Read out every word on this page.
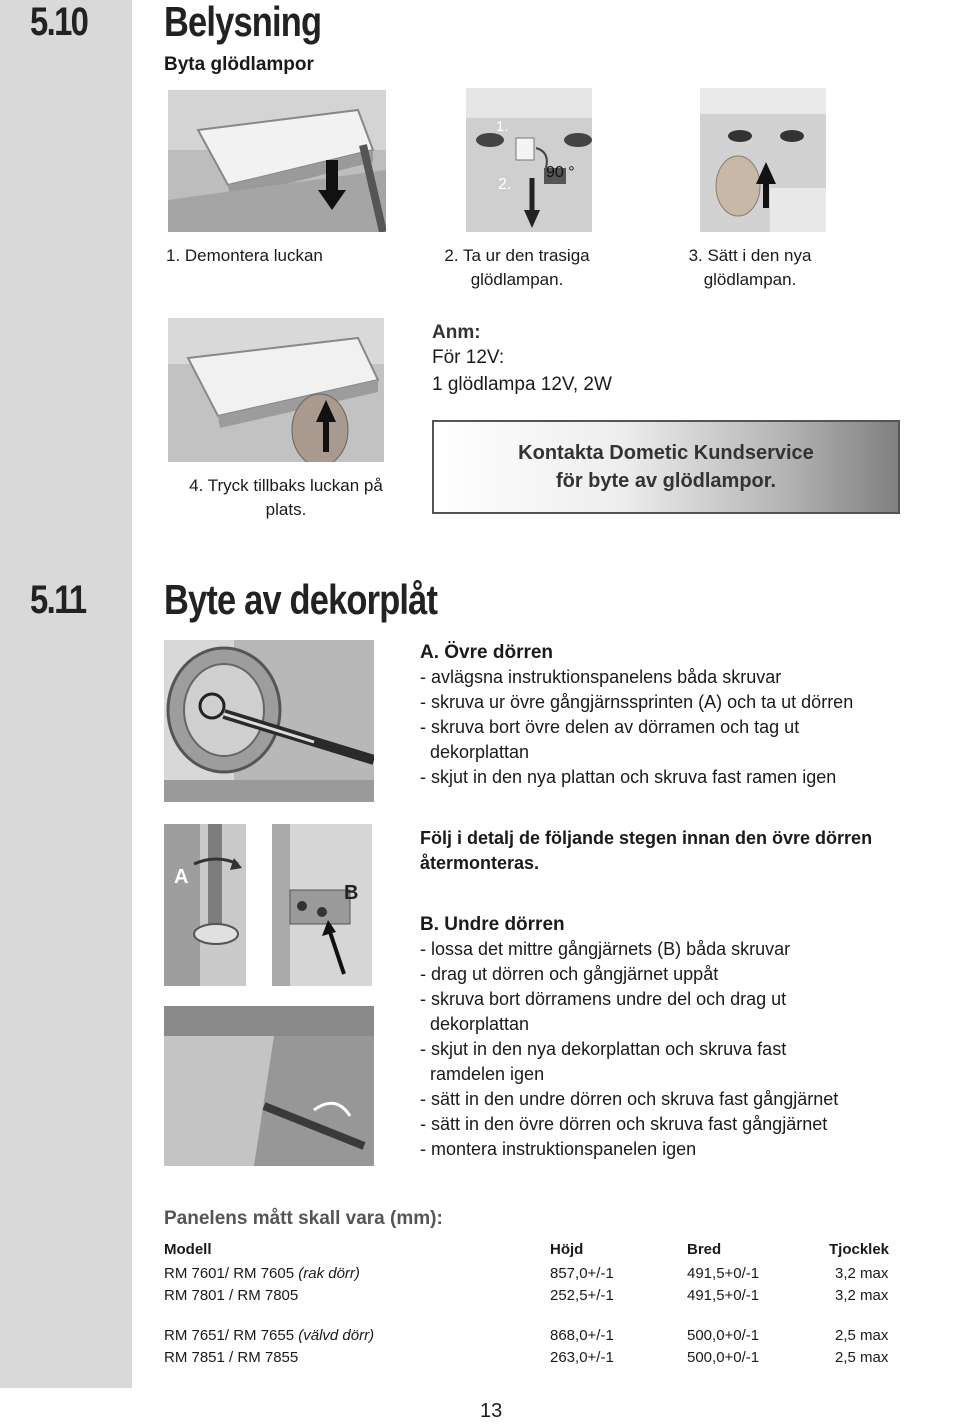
5.10 Belysning
Byta glödlampor
1.
2.
90 °
1. Demontera luckan	2. Ta ur den trasiga
glödlampan.
3. Sätt i den nya
glödlampan.
4. Tryck tillbaks luckan på
plats.
Anm:
För 12V:
1 glödlampa 12V, 2W
Kontakta Dometic Kundservice
för byte av glödlampor.
5.11 Byte av dekorplåt
A
B
A. Övre dörren
- avlägsna instruktionspanelens båda skruvar
- skruva ur övre gångjärnssprinten (A) och ta ut dörren
- skruva bort övre delen av dörramen och tag ut
dekorplattan
- skjut in den nya plattan och skruva fast ramen igen
Följ i detalj de följande stegen innan den övre dörren
återmonteras.
B. Undre dörren
- lossa det mittre gångjärnets (B) båda skruvar
- drag ut dörren och gångjärnet uppåt
- skruva bort dörramens undre del och drag ut
dekorplattan
- skjut in den nya dekorplattan och skruva fast
ramdelen igen
- sätt in den undre dörren och skruva fast gångjärnet
- sätt in den övre dörren och skruva fast gångjärnet
- montera instruktionspanelen igen
Panelens mått skall vara (mm):
Modell	Höjd	Bred	Tjocklek
RM 7601/ RM 7605 (rak dörr)	857,0+/-1	491,5+0/-1	3,2 max
RM 7801 / RM 7805	252,5+/-1	491,5+0/-1	3,2 max

RM 7651/ RM 7655 (välvd dörr)	868,0+/-1	500,0+0/-1	2,5 max
RM 7851 / RM 7855	263,0+/-1	500,0+0/-1	2,5 max
13
